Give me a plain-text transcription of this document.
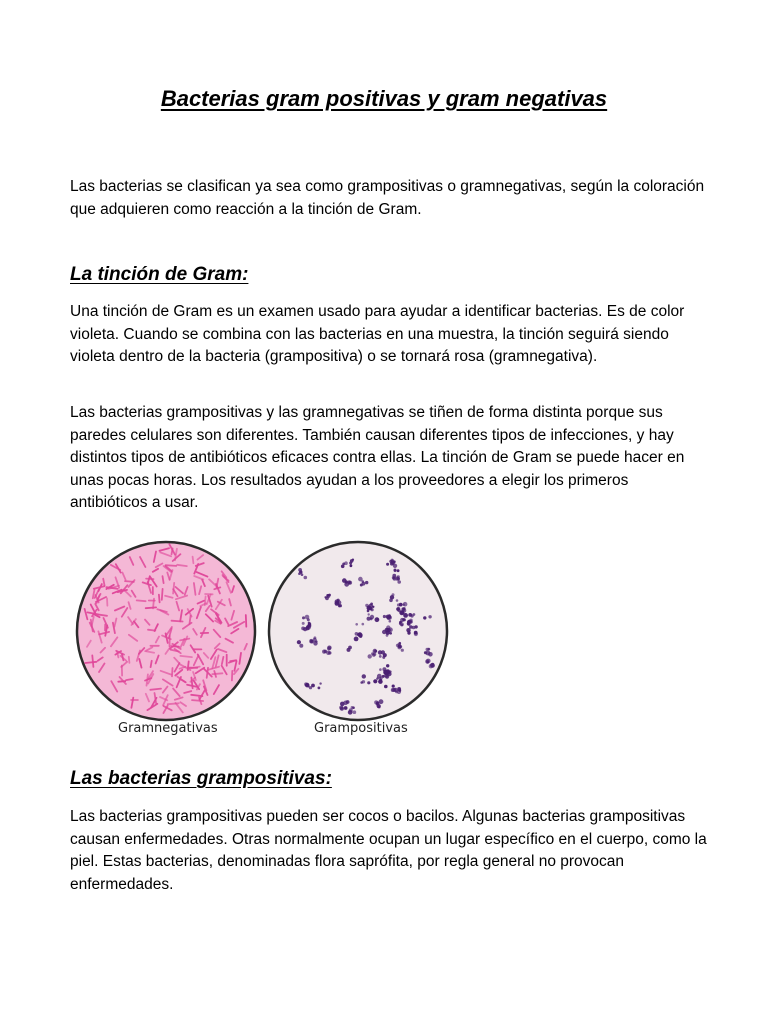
Bacterias gram positivas y gram negativas

Las bacterias se clasifican ya sea como grampositivas o gramnegativas, según la coloración que adquieren como reacción a la tinción de Gram.

La tinción de Gram:

Una tinción de Gram es un examen usado para ayudar a identificar bacterias. Es de color violeta. Cuando se combina con las bacterias en una muestra, la tinción seguirá siendo violeta dentro de la bacteria (grampositiva) o se tornará rosa (gramnegativa).

Las bacterias grampositivas y las gramnegativas se tiñen de forma distinta porque sus paredes celulares son diferentes. También causan diferentes tipos de infecciones, y hay distintos tipos de antibióticos eficaces contra ellas. La tinción de Gram se puede hacer en unas pocas horas. Los resultados ayudan a los proveedores a elegir los primeros antibióticos a usar.

Gramnegativas	Grampositivas
Las bacterias grampositivas:

Las bacterias grampositivas pueden ser cocos o bacilos. Algunas bacterias grampositivas causan enfermedades. Otras normalmente ocupan un lugar específico en el cuerpo, como la piel. Estas bacterias, denominadas flora saprófita, por regla general no provocan enfermedades.
